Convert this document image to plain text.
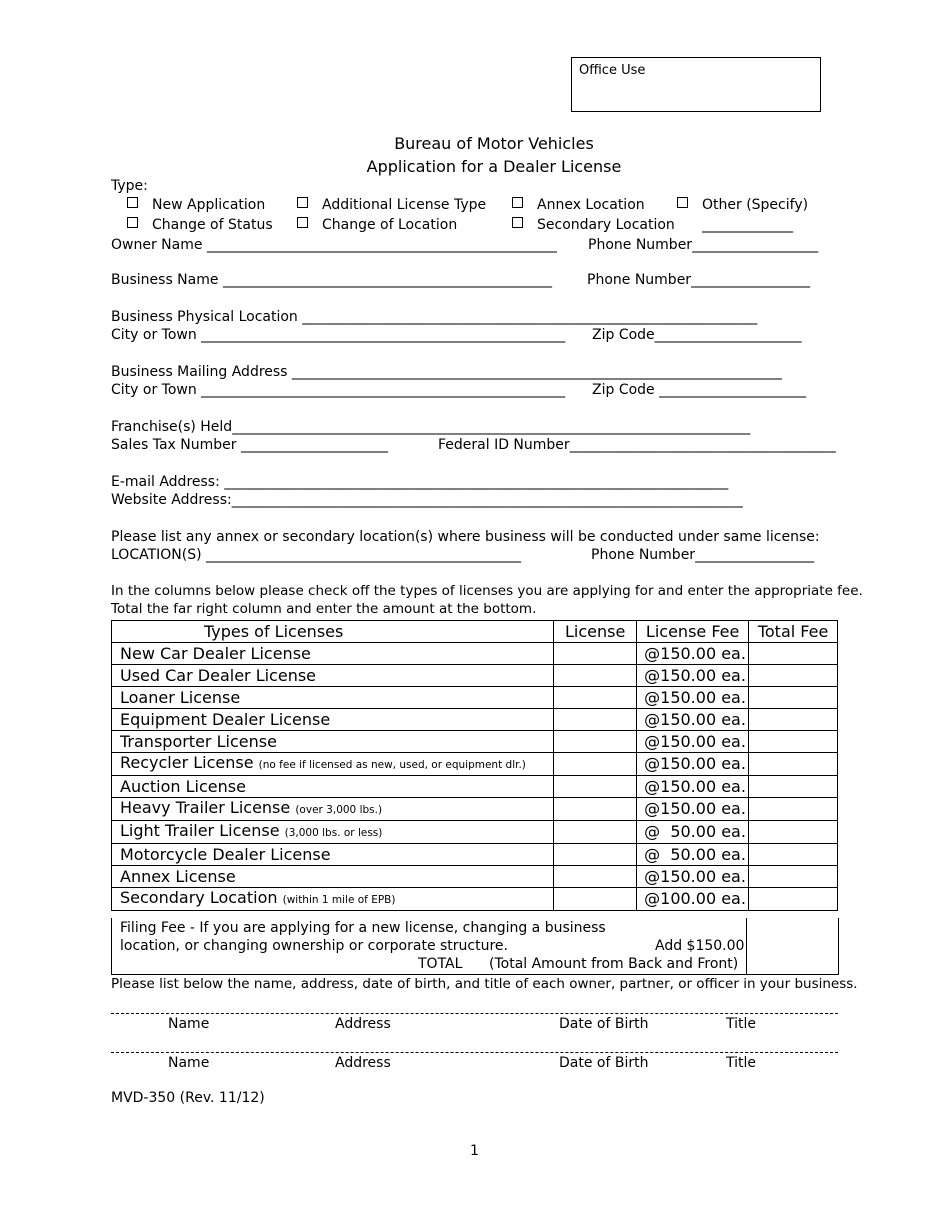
Office Use
Bureau of Motor Vehicles
Application for a Dealer License
Type:
New Application	Additional License Type	Annex Location	Other (Specify)
Change of Status	Change of Location	Secondary Location _____________
Owner Name __________________________________________________ Phone Number__________________
Business Name _______________________________________________	Phone Number_________________
Business Physical Location _________________________________________________________________
City or Town ____________________________________________________ Zip Code_____________________
Business Mailing Address ______________________________________________________________________
City or Town ____________________________________________________ Zip Code _____________________
Franchise(s) Held__________________________________________________________________________
Sales Tax Number _____________________	Federal ID Number______________________________________
E-mail Address: ________________________________________________________________________
Website Address:_________________________________________________________________________
Please list any annex or secondary location(s) where business will be conducted under same license:
LOCATION(S) _____________________________________________	Phone Number_________________
In the columns below please check off the types of licenses you are applying for and enter the appropriate fee.
Total the far right column and enter the amount at the bottom.
Types of Licenses	License	License Fee	Total Fee
New Car Dealer License		@150.00 ea.	
Used Car Dealer License		@150.00 ea.	
Loaner License		@150.00 ea.	
Equipment Dealer License		@150.00 ea.	
Transporter License		@150.00 ea.	
Recycler License (no fee if licensed as new, used, or equipment dlr.)		@150.00 ea.	
Auction License		@150.00 ea.	
Heavy Trailer License (over 3,000 lbs.)		@150.00 ea.	
Light Trailer License (3,000 lbs. or less)		@  50.00 ea.	
Motorcycle Dealer License		@  50.00 ea.	
Annex License		@150.00 ea.	
Secondary Location (within 1 mile of EPB)		@100.00 ea.	
Filing Fee - If you are applying for a new license, changing a business
location, or changing ownership or corporate structure.	Add $150.00
TOTAL (Total Amount from Back and Front)
Please list below the name, address, date of birth, and title of each owner, partner, or officer in your business.
Name	Address	Date of Birth	Title
Name	Address	Date of Birth	Title
MVD-350 (Rev. 11/12)
1
